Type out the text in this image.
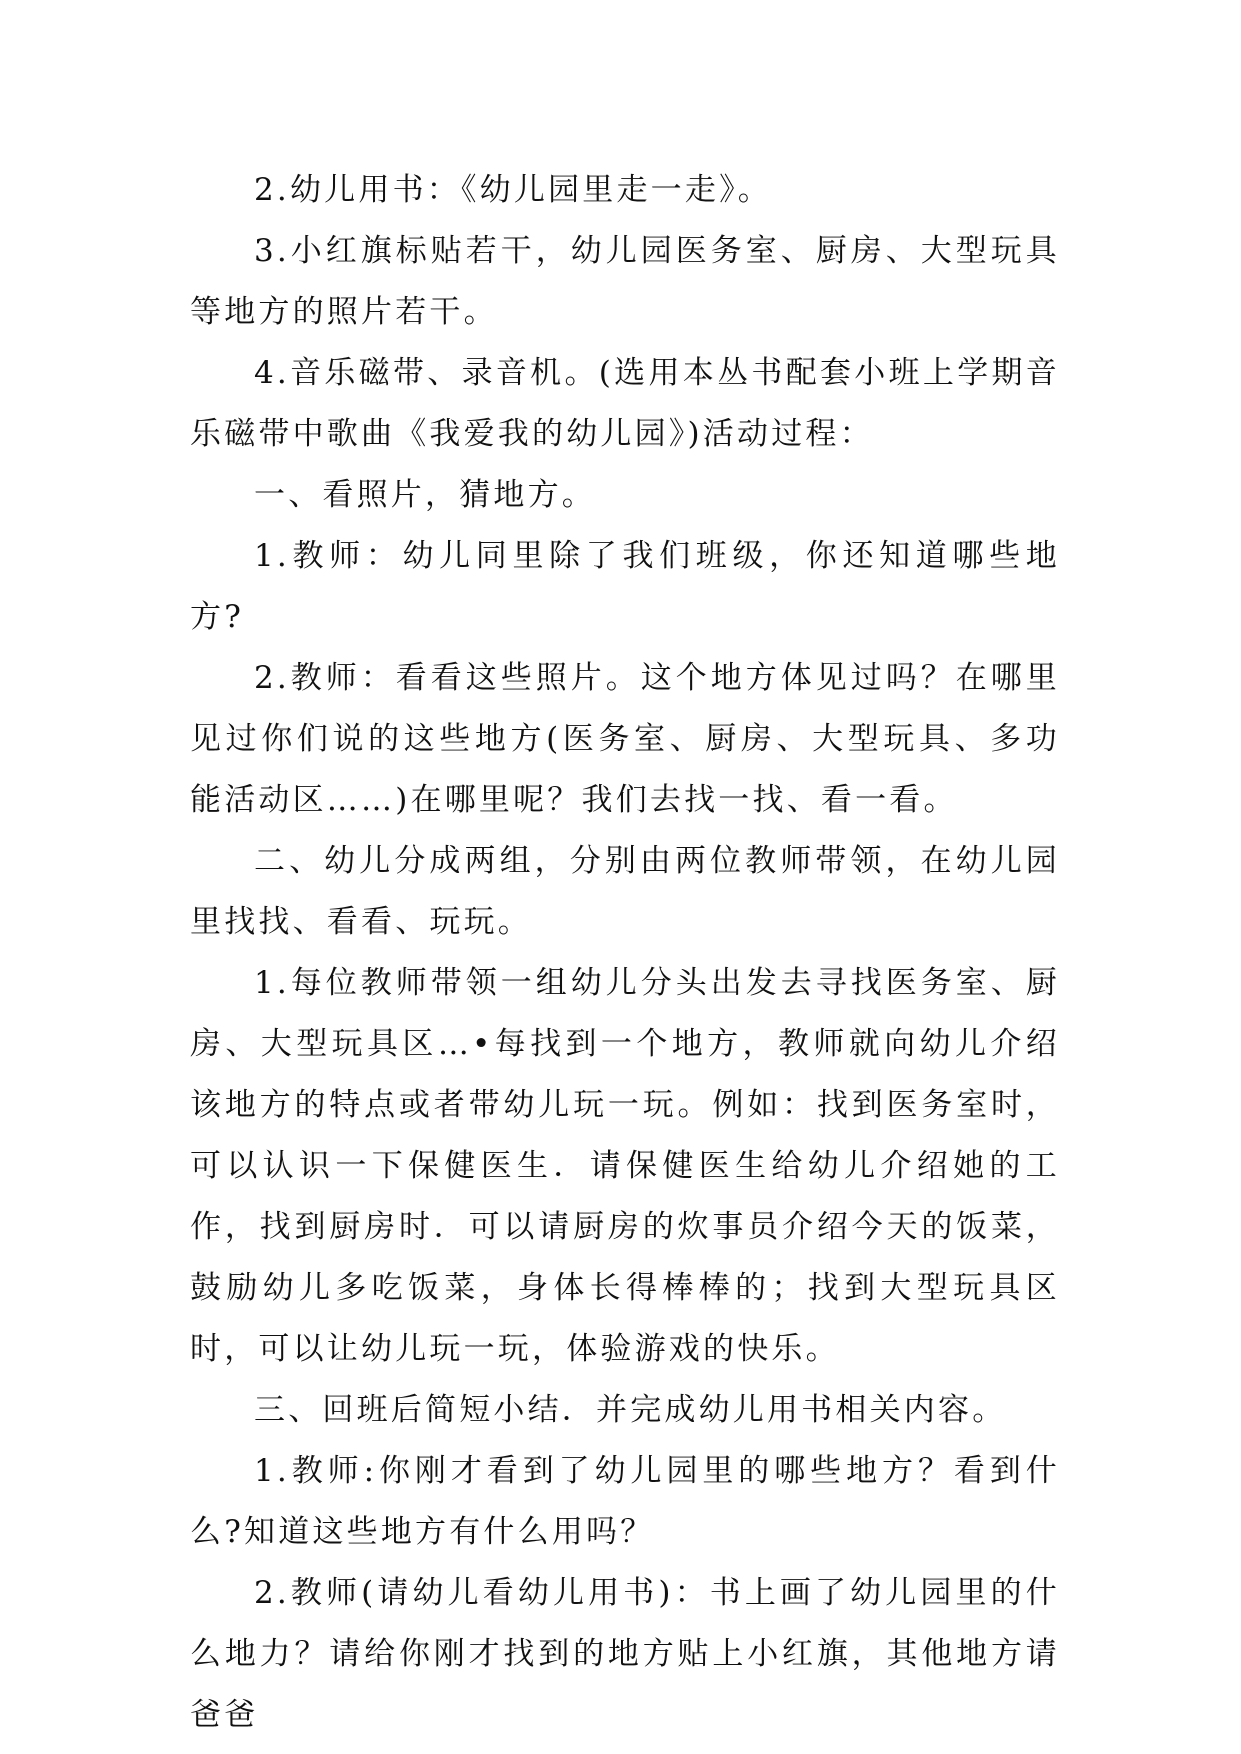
2.幼儿用书：《幼儿园里走一走》。

3.小红旗标贴若干，幼儿园医务室、厨房、大型玩具等地方的照片若干。

4.音乐磁带、录音机。(选用本丛书配套小班上学期音乐磁带中歌曲《我爱我的幼儿园》)活动过程：

一、看照片，猜地方。

1.教师：幼儿同里除了我们班级，你还知道哪些地方?

2.教师：看看这些照片。这个地方体见过吗？在哪里见过你们说的这些地方(医务室、厨房、大型玩具、多功能活动区……)在哪里呢？我们去找一找、看一看。

二、幼儿分成两组，分别由两位教师带领，在幼儿园里找找、看看、玩玩。

1.每位教师带领一组幼儿分头出发去寻找医务室、厨房、大型玩具区…•每找到一个地方，教师就向幼儿介绍该地方的特点或者带幼儿玩一玩。例如：找到医务室时，可以认识一下保健医生．请保健医生给幼儿介绍她的工作，找到厨房时．可以请厨房的炊事员介绍今天的饭菜，鼓励幼儿多吃饭菜，身体长得棒棒的；找到大型玩具区时，可以让幼儿玩一玩，体验游戏的快乐。

三、回班后简短小结．并完成幼儿用书相关内容。

1.教师:你刚才看到了幼儿园里的哪些地方？看到什么?知道这些地方有什么用吗？

2.教师(请幼儿看幼儿用书)：书上画了幼儿园里的什么地力？请给你刚才找到的地方贴上小红旗，其他地方请爸爸
